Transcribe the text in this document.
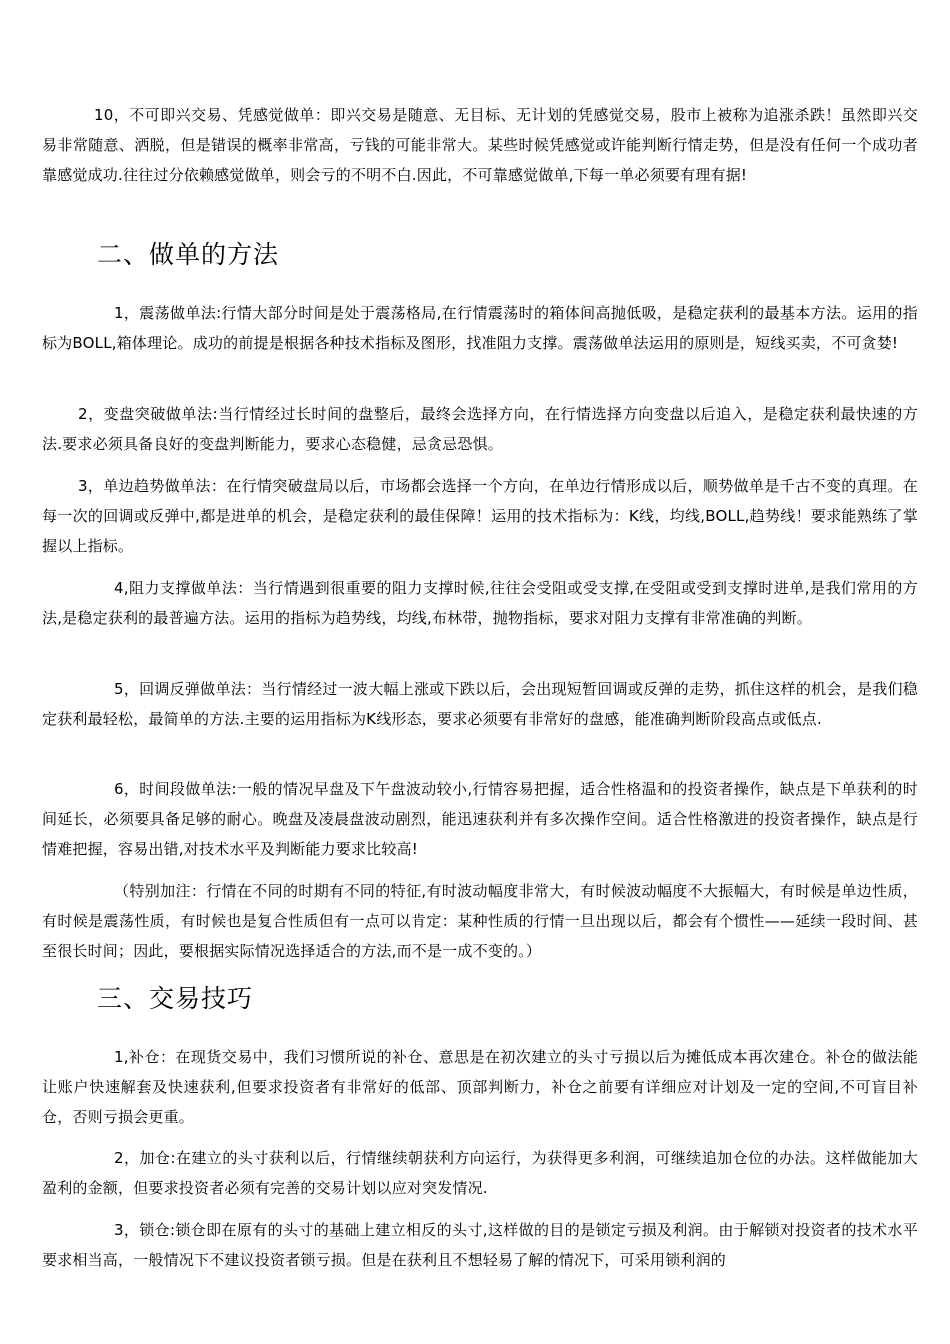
10，不可即兴交易、凭感觉做单：即兴交易是随意、无目标、无计划的凭感觉交易，股市上被称为追涨杀跌！虽然即兴交易非常随意、洒脱，但是错误的概率非常高，亏钱的可能非常大。某些时候凭感觉或许能判断行情走势，但是没有任何一个成功者靠感觉成功.往往过分依赖感觉做单，则会亏的不明不白.因此，不可靠感觉做单,下每一单必须要有理有据!

二、做单的方法

1，震荡做单法:行情大部分时间是处于震荡格局,在行情震荡时的箱体间高抛低吸，是稳定获利的最基本方法。运用的指标为BOLL,箱体理论。成功的前提是根据各种技术指标及图形，找准阻力支撑。震荡做单法运用的原则是，短线买卖，不可贪婪!

2，变盘突破做单法:当行情经过长时间的盘整后，最终会选择方向，在行情选择方向变盘以后追入，是稳定获利最快速的方法.要求必须具备良好的变盘判断能力，要求心态稳健，忌贪忌恐惧。

3，单边趋势做单法：在行情突破盘局以后，市场都会选择一个方向，在单边行情形成以后，顺势做单是千古不变的真理。在每一次的回调或反弹中,都是进单的机会，是稳定获利的最佳保障！运用的技术指标为：K线，均线,BOLL,趋势线！要求能熟练了掌握以上指标。

4,阻力支撑做单法：当行情遇到很重要的阻力支撑时候,往往会受阻或受支撑,在受阻或受到支撑时进单,是我们常用的方法,是稳定获利的最普遍方法。运用的指标为趋势线，均线,布林带，抛物指标，要求对阻力支撑有非常准确的判断。

5，回调反弹做单法：当行情经过一波大幅上涨或下跌以后，会出现短暂回调或反弹的走势，抓住这样的机会，是我们稳定获利最轻松，最简单的方法.主要的运用指标为K线形态，要求必须要有非常好的盘感，能准确判断阶段高点或低点.

6，时间段做单法:一般的情况早盘及下午盘波动较小,行情容易把握，适合性格温和的投资者操作，缺点是下单获利的时间延长，必须要具备足够的耐心。晚盘及凌晨盘波动剧烈，能迅速获利并有多次操作空间。适合性格激进的投资者操作，缺点是行情难把握，容易出错,对技术水平及判断能力要求比较高!

（特别加注：行情在不同的时期有不同的特征,有时波动幅度非常大，有时候波动幅度不大振幅大，有时候是单边性质，有时候是震荡性质，有时候也是复合性质但有一点可以肯定：某种性质的行情一旦出现以后，都会有个惯性——延续一段时间、甚至很长时间；因此，要根据实际情况选择适合的方法,而不是一成不变的。）

三、交易技巧

1,补仓：在现货交易中，我们习惯所说的补仓、意思是在初次建立的头寸亏损以后为摊低成本再次建仓。补仓的做法能让账户快速解套及快速获利,但要求投资者有非常好的低部、顶部判断力，补仓之前要有详细应对计划及一定的空间,不可盲目补仓，否则亏损会更重。

2，加仓:在建立的头寸获利以后，行情继续朝获利方向运行，为获得更多利润，可继续追加仓位的办法。这样做能加大盈利的金额，但要求投资者必须有完善的交易计划以应对突发情况.

3，锁仓:锁仓即在原有的头寸的基础上建立相反的头寸,这样做的目的是锁定亏损及利润。由于解锁对投资者的技术水平要求相当高，一般情况下不建议投资者锁亏损。但是在获利且不想轻易了解的情况下，可采用锁利润的
